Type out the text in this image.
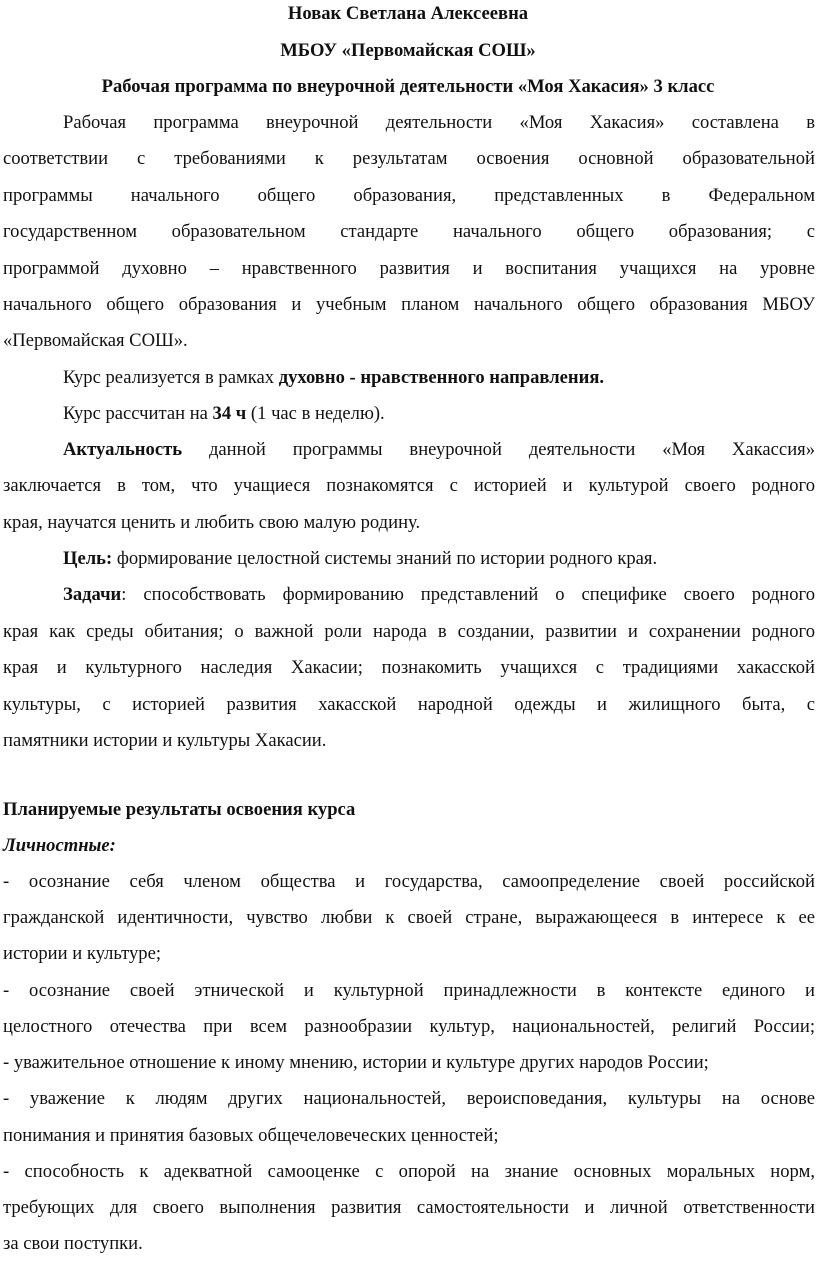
Новак Светлана Алексеевна
МБОУ «Первомайская СОШ»
Рабочая программа по внеурочной деятельности «Моя Хакасия» 3 класс
Рабочая программа внеурочной деятельности «Моя Хакасия» составлена в
соответствии с требованиями к результатам освоения основной образовательной
программы начального общего образования, представленных в Федеральном
государственном образовательном стандарте начального общего образования; с
программой духовно – нравственного развития и воспитания учащихся на уровне
начального общего образования и учебным планом начального общего образования МБОУ
«Первомайская СОШ».
Курс реализуется в рамках духовно - нравственного направления.
Курс рассчитан на 34 ч (1 час в неделю).
Актуальность данной программы внеурочной деятельности «Моя Хакассия»
заключается в том, что учащиеся познакомятся с историей и культурой своего родного
края, научатся ценить и любить свою малую родину.
Цель: формирование целостной системы знаний по истории родного края.
Задачи: способствовать формированию представлений о специфике своего родного
края как среды обитания; о важной роли народа в создании, развитии и сохранении родного
края и культурного наследия Хакасии; познакомить учащихся с традициями хакасской
культуры, с историей развития хакасской народной одежды и жилищного быта, с
памятники истории и культуры Хакасии.
Планируемые результаты освоения курса
Личностные:
- осознание себя членом общества и государства, самоопределение своей российской
гражданской идентичности, чувство любви к своей стране, выражающееся в интересе к ее
истории и культуре;
- осознание своей этнической и культурной принадлежности в контексте единого и
целостного отечества при всем разнообразии культур, национальностей, религий России;
- уважительное отношение к иному мнению, истории и культуре других народов России;
- уважение к людям других национальностей, вероисповедания, культуры на основе
понимания и принятия базовых общечеловеческих ценностей;
- способность к адекватной самооценке с опорой на знание основных моральных норм,
требующих для своего выполнения развития самостоятельности и личной ответственности
за свои поступки.
